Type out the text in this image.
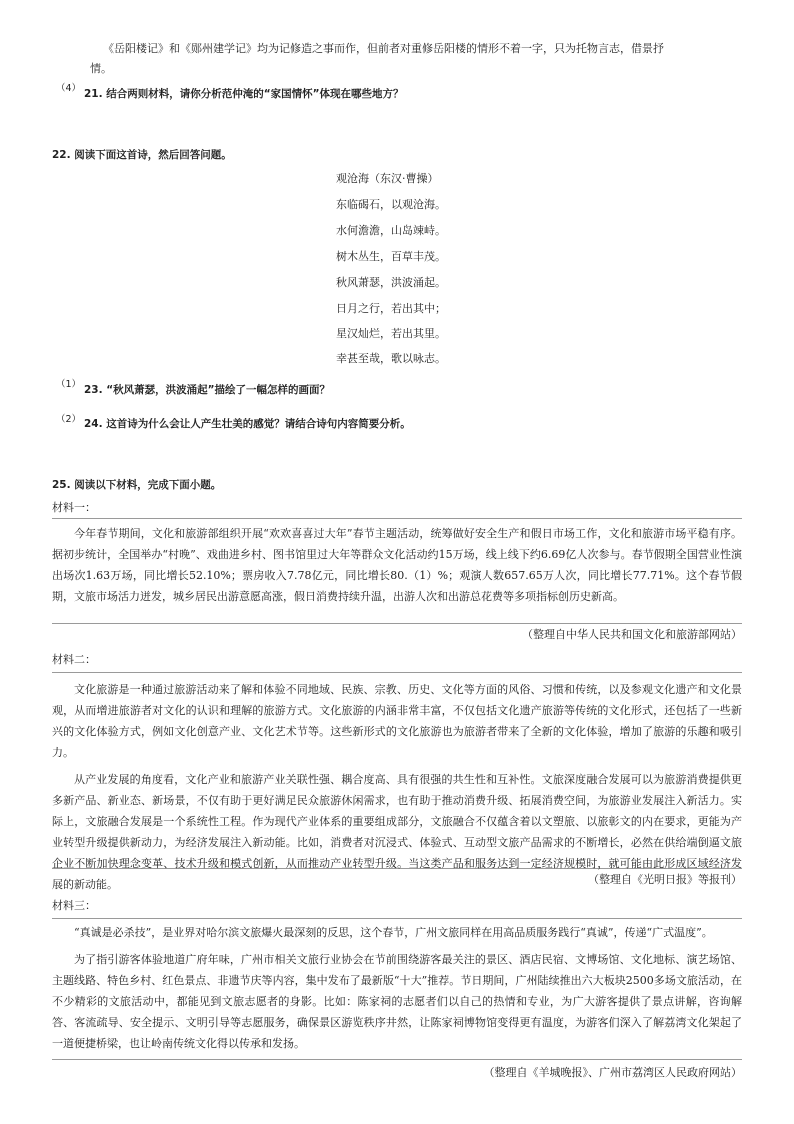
《岳阳楼记》和《郧州建学记》均为记修造之事而作，但前者对重修岳阳楼的情形不着一字，只为托物言志，借景抒
情。
（4） 21. 结合两则材料，请你分析范仲淹的“家国情怀”体现在哪些地方？
22. 阅读下面这首诗，然后回答问题。
观沧海（东汉·曹操）
东临碣石，以观沧海。
水何澹澹，山岛竦峙。
树木丛生，百草丰茂。
秋风萧瑟，洪波涌起。
日月之行，若出其中；
星汉灿烂，若出其里。
幸甚至哉，歌以咏志。
（1） 23. “秋风萧瑟，洪波涌起”描绘了一幅怎样的画面？
（2） 24. 这首诗为什么会让人产生壮美的感觉？请结合诗句内容简要分析。
25. 阅读以下材料，完成下面小题。
材料一：

今年春节期间，文化和旅游部组织开展“欢欢喜喜过大年”春节主题活动，统筹做好安全生产和假日市场工作，文化和旅游市场平稳有序。据初步统计，全国举办“村晚”、戏曲进乡村、图书馆里过大年等群众文化活动约15万场，线上线下约6.69亿人次参与。春节假期全国营业性演出场次1.63万场，同比增长52.10%；票房收入7.78亿元，同比增长80.（1）%；观演人数657.65万人次，同比增长77.71%。这个春节假期，文旅市场活力迸发，城乡居民出游意愿高涨，假日消费持续升温，出游人次和出游总花费等多项指标创历史新高。

（整理自中华人民共和国文化和旅游部网站）
材料二：

文化旅游是一种通过旅游活动来了解和体验不同地域、民族、宗教、历史、文化等方面的风俗、习惯和传统，以及参观文化遗产和文化景观，从而增进旅游者对文化的认识和理解的旅游方式。文化旅游的内涵非常丰富，不仅包括文化遗产旅游等传统的文化形式，还包括了一些新兴的文化体验方式，例如文化创意产业、文化艺术节等。这些新形式的文化旅游也为旅游者带来了全新的文化体验，增加了旅游的乐趣和吸引力。

从产业发展的角度看，文化产业和旅游产业关联性强、耦合度高、具有很强的共生性和互补性。文旅深度融合发展可以为旅游消费提供更多新产品、新业态、新场景，不仅有助于更好满足民众旅游休闲需求，也有助于推动消费升级、拓展消费空间，为旅游业发展注入新活力。实际上，文旅融合发展是一个系统性工程。作为现代产业体系的重要组成部分，文旅融合不仅蕴含着以文塑旅、以旅彰文的内在要求，更能为产业转型升级提供新动力，为经济发展注入新动能。比如，消费者对沉浸式、体验式、互动型文旅产品需求的不断增长，必然在供给端倒逼文旅企业不断加快理念变革、技术升级和模式创新，从而推动产业转型升级。当这类产品和服务达到一定经济规模时，就可能由此形成区域经济发展的新动能。	（整理自《光明日报》等报刊）
材料三：

“真诚是必杀技”，是业界对哈尔滨文旅爆火最深刻的反思，这个春节，广州文旅同样在用高品质服务践行“真诚”，传递“广式温度”。

为了指引游客体验地道广府年味，广州市相关文旅行业协会在节前围绕游客最关注的景区、酒店民宿、文博场馆、文化地标、演艺场馆、主题线路、特色乡村、红色景点、非遗节庆等内容，集中发布了最新版“十大”推荐。节日期间，广州陆续推出六大板块2500多场文旅活动，在不少精彩的文旅活动中，都能见到文旅志愿者的身影。比如：陈家祠的志愿者们以自己的热情和专业，为广大游客提供了景点讲解，咨询解答、客流疏导、安全提示、文明引导等志愿服务，确保景区游览秩序井然，让陈家祠博物馆变得更有温度，为游客们深入了解荔湾文化架起了一道便捷桥梁，也让岭南传统文化得以传承和发扬。

（整理自《羊城晚报》、广州市荔湾区人民政府网站）
